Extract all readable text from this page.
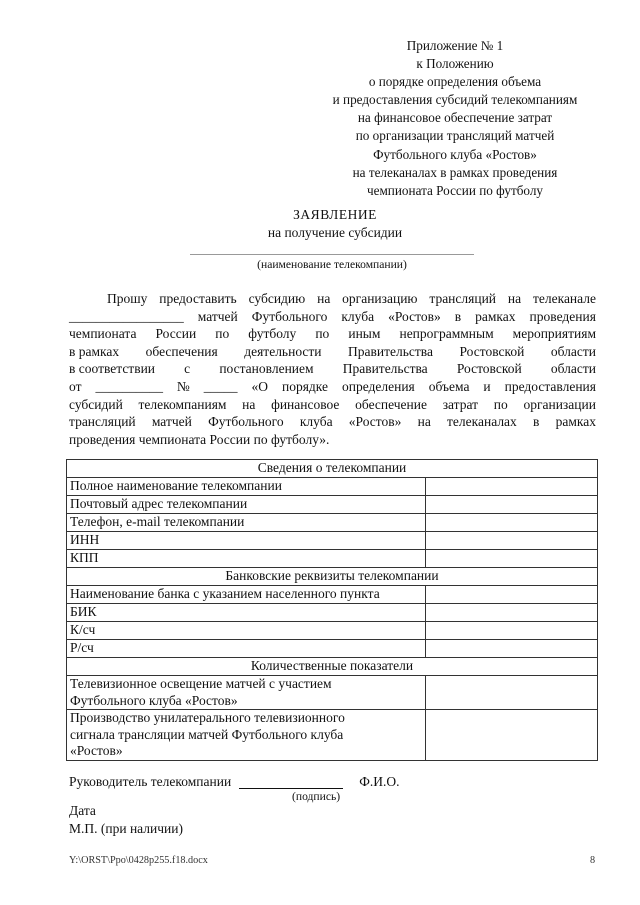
Приложение № 1
к Положению
о порядке определения объема
и предоставления субсидий телекомпаниям
на финансовое обеспечение затрат
по организации трансляций матчей
Футбольного клуба «Ростов»
на телеканалах в рамках проведения
чемпионата России по футболу
ЗАЯВЛЕНИЕ
на получение субсидии
(наименование телекомпании)
Прошу предоставить субсидию на организацию трансляций на телеканале
_________________ матчей Футбольного клуба «Ростов» в рамках проведения
чемпионата России по футболу по иным непрограммным мероприятиям
в рамках обеспечения деятельности Правительства Ростовской области
в соответствии с постановлением Правительства Ростовской области
от __________ № _____ «О порядке определения объема и предоставления
субсидий телекомпаниям на финансовое обеспечение затрат по организации
трансляций матчей Футбольного клуба «Ростов» на телеканалах в рамках
проведения чемпионата России по футболу».
Сведения о телекомпании	
Полное наименование телекомпании	
Почтовый адрес телекомпании	
Телефон, e-mail телекомпании	
ИНН	
КПП	
Банковские реквизиты телекомпании	
Наименование банка с указанием населенного пункта	
БИК	
К/сч	
Р/сч	
Количественные показатели	

Телевизионное освещение матчей с участием
Футбольного клуба «Ростов»	

Производство унилатерального телевизионного
сигнала трансляции матчей Футбольного клуба
«Ростов»	

Руководитель телекомпании	Ф.И.О.
(подпись)
Дата
М.П. (при наличии)
Y:\ORST\Ppo\0428p255.f18.docx	8
